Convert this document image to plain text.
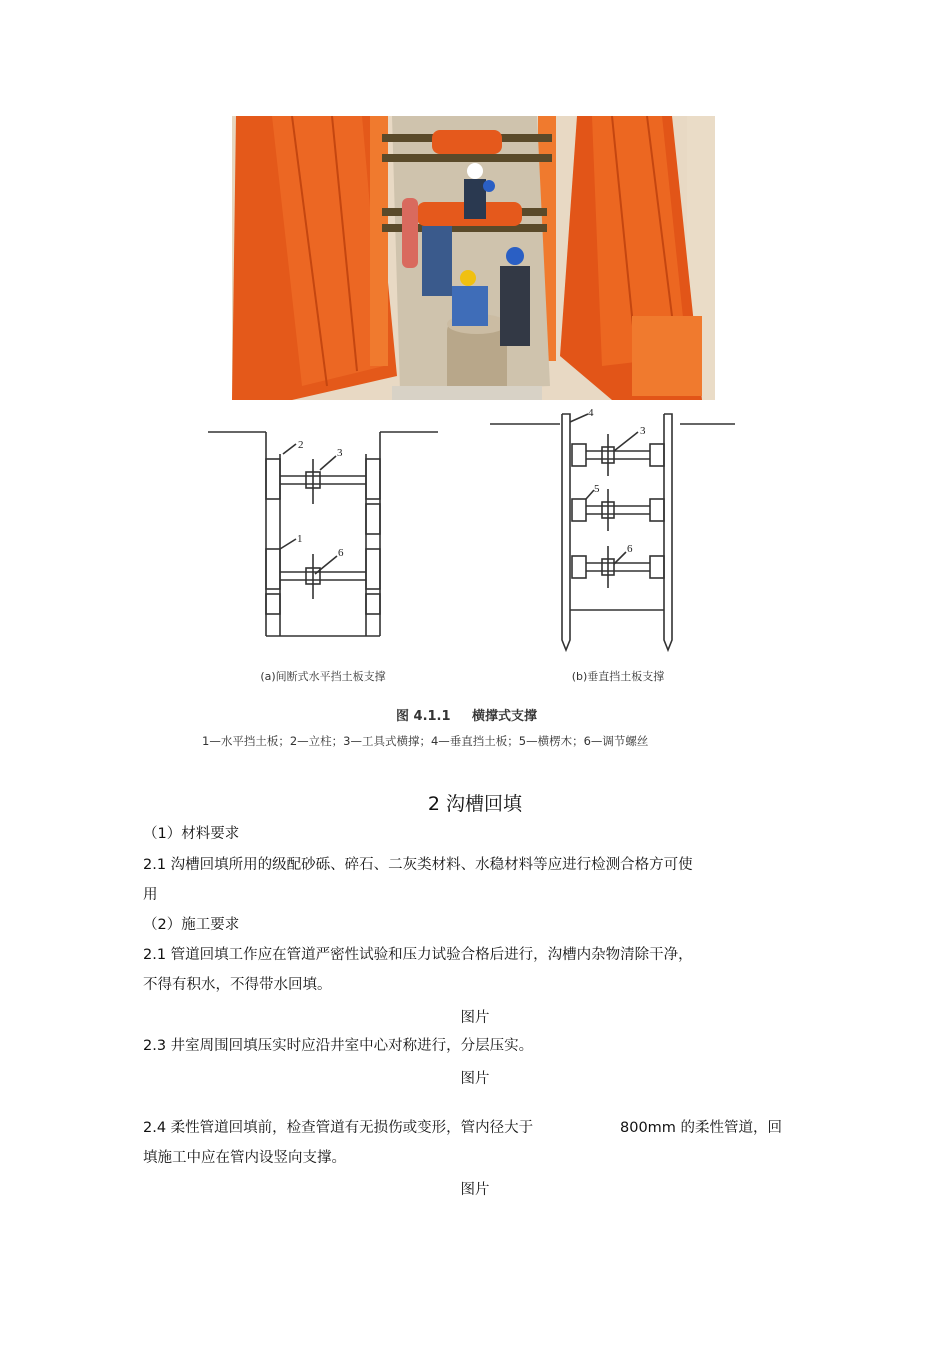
2
3
1
6
4
3
5
6
(a)间断式水平挡土板支撑	(b)垂直挡土板支撑
图 4.1.1 横撑式支撑
1—水平挡土板；2—立柱；3—工具式横撑；4—垂直挡土板；5—横楞木；6—调节螺丝
2 沟槽回填
（1）材料要求
2.1 沟槽回填所用的级配砂砾、碎石、二灰类材料、水稳材料等应进行检测合格方可使
用
（2）施工要求
2.1 管道回填工作应在管道严密性试验和压力试验合格后进行，沟槽内杂物清除干净，
不得有积水，不得带水回填。
图片
2.3 井室周围回填压实时应沿井室中心对称进行，分层压实。
图片
2.4 柔性管道回填前，检查管道有无损伤或变形，管内径大于	800mm 的柔性管道，回
填施工中应在管内设竖向支撑。
图片
